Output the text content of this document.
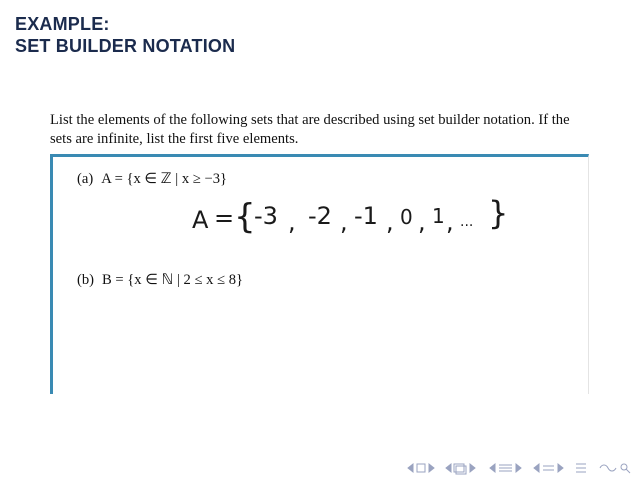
EXAMPLE:
SET BUILDER NOTATION

List the elements of the following sets that are described using set builder notation. If the sets are infinite, list the first five elements.

(a) A = {x ∈ ℤ | x ≥ −3}
A = {
-3 , -2 , -1 , 0 , 1 , ... }
(b) B = {x ∈ ℕ | 2 ≤ x ≤ 8}
